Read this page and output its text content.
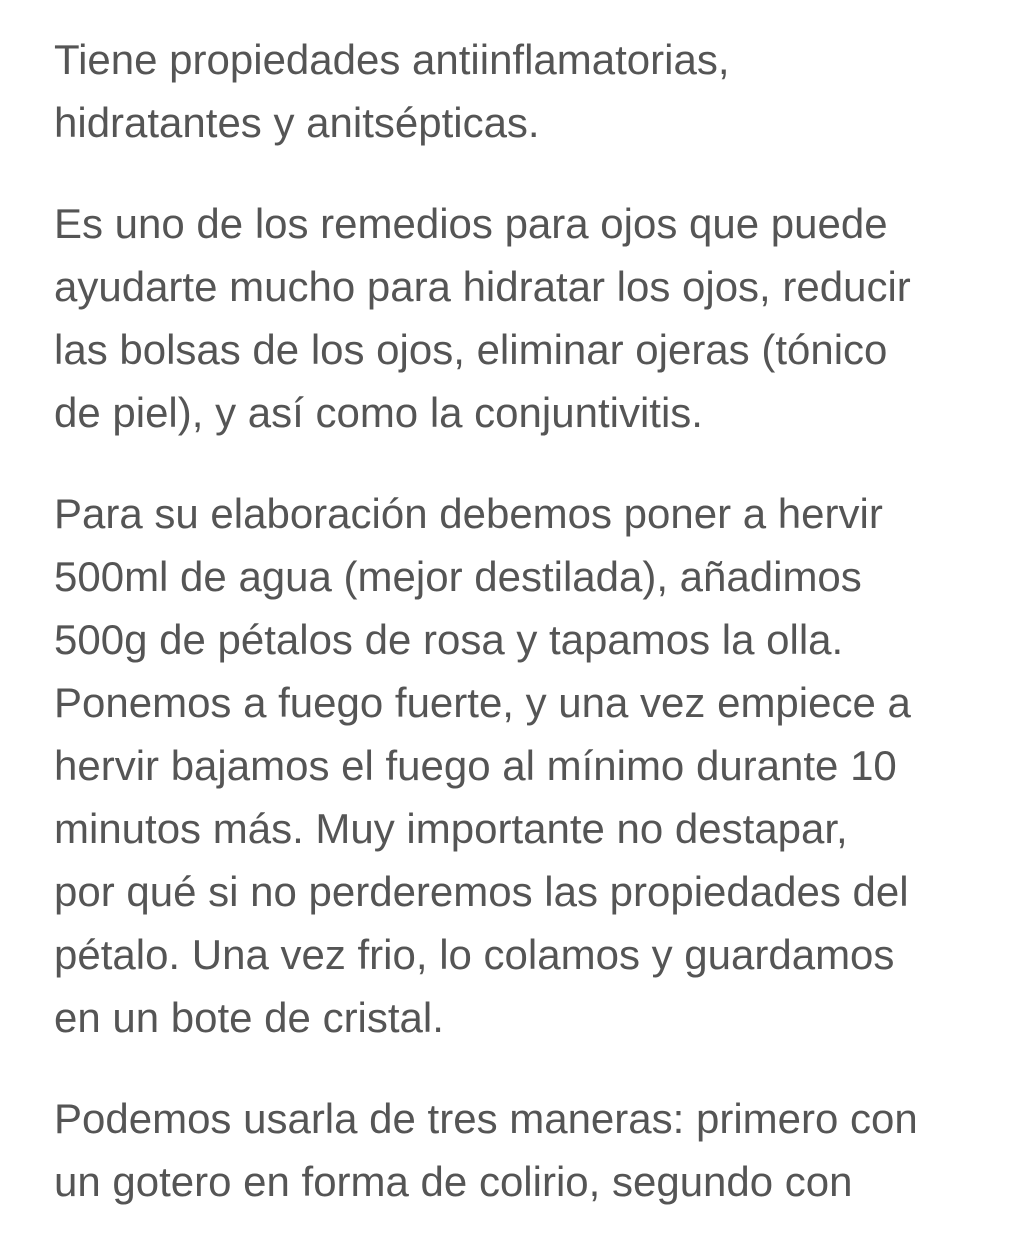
Tiene propiedades antiinflamatorias,
hidratantes y anitsépticas.

Es uno de los remedios para ojos que puede
ayudarte mucho para hidratar los ojos, reducir
las bolsas de los ojos, eliminar ojeras (tónico
de piel), y así como la conjuntivitis.

Para su elaboración debemos poner a hervir
500ml de agua (mejor destilada), añadimos
500g de pétalos de rosa y tapamos la olla.
Ponemos a fuego fuerte, y una vez empiece a
hervir bajamos el fuego al mínimo durante 10
minutos más. Muy importante no destapar,
por qué si no perderemos las propiedades del
pétalo. Una vez frio, lo colamos y guardamos
en un bote de cristal.

Podemos usarla de tres maneras: primero con
un gotero en forma de colirio, segundo con
